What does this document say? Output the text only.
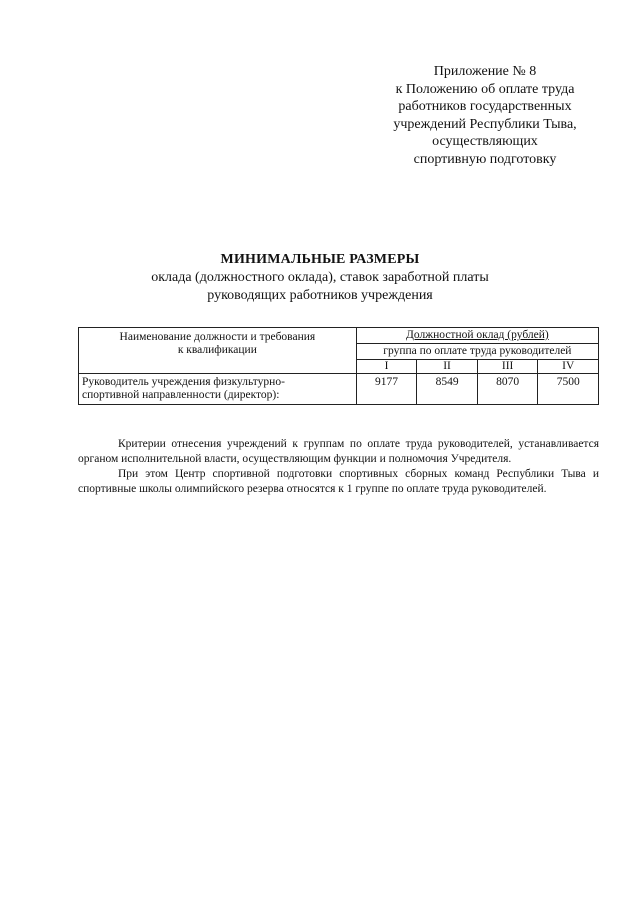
Приложение № 8
к Положению об оплате труда
работников государственных
учреждений Республики Тыва,
осуществляющих
спортивную подготовку
МИНИМАЛЬНЫЕ РАЗМЕРЫ
оклада (должностного оклада), ставок заработной платы
руководящих работников учреждения
Наименование должности и требования
к квалификации	Должностной оклад (рублей)			
	группа по оплате труда руководителей			
	I	II	III	IV

Руководитель учреждения физкультурно-
спортивной направленности (директор):	9177	8549	8070	7500
Критерии отнесения учреждений к группам по оплате труда руководителей, устанавливается органом исполнительной власти, осуществляющим функции и полномочия Учредителя.
При этом Центр спортивной подготовки спортивных сборных команд Республики Тыва и спортивные школы олимпийского резерва относятся к 1 группе по оплате труда руководителей.
